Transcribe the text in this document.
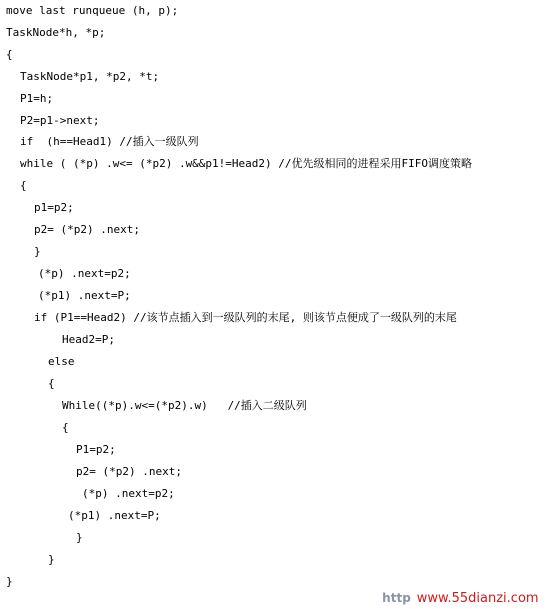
move last runqueue (h, p);
TaskNode*h, *p;
{
TaskNode*p1, *p2, *t;
P1=h;
P2=p1->next;
if  (h==Head1) //插入一级队列
while ( (*p) .w<= (*p2) .w&&p1!=Head2) //优先级相同的进程采用FIFO调度策略
{
p1=p2;
p2= (*p2) .next;
}
(*p) .next=p2;
(*p1) .next=P;
if (P1==Head2) //该节点插入到一级队列的末尾, 则该节点便成了一级队列的末尾
Head2=P;
else
{
While((*p).w<=(*p2).w)   //插入二级队列
{
P1=p2;
p2= (*p2) .next;
(*p) .next=p2;
(*p1) .next=P;
}
}
}

http www.55dianzi.com
